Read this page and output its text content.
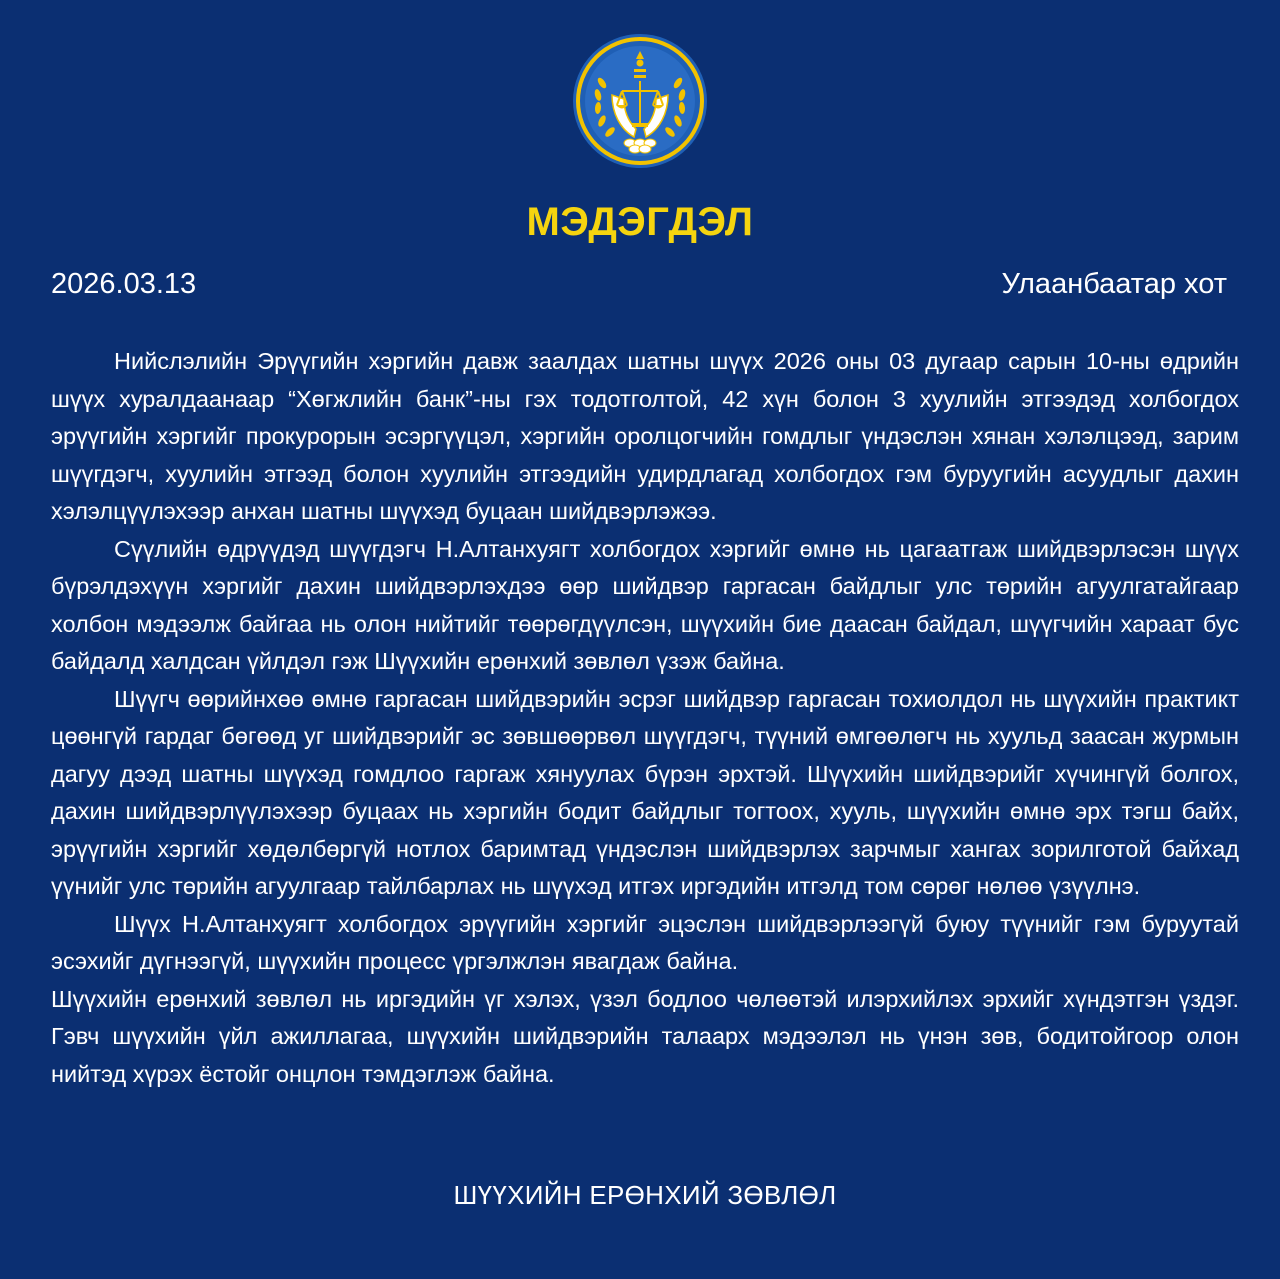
МЭДЭГДЭЛ
2026.03.13	Улаанбаатар хот

Нийслэлийн Эрүүгийн хэргийн давж заалдах шатны шүүх 2026 оны 03 дугаар сарын 10-ны өдрийн шүүх хуралдаанаар “Хөгжлийн банк”-ны гэх тодотголтой, 42 хүн болон 3 хуулийн этгээдэд холбогдох эрүүгийн хэргийг прокурорын эсэргүүцэл, хэргийн оролцогчийн гомдлыг үндэслэн хянан хэлэлцээд, зарим шүүгдэгч, хуулийн этгээд болон хуулийн этгээдийн удирдлагад холбогдох гэм буруугийн асуудлыг дахин хэлэлцүүлэхээр анхан шатны шүүхэд буцаан шийдвэрлэжээ.

Сүүлийн өдрүүдэд шүүгдэгч Н.Алтанхуягт холбогдох хэргийг өмнө нь цагаатгаж шийдвэрлэсэн шүүх бүрэлдэхүүн хэргийг дахин шийдвэрлэхдээ өөр шийдвэр гаргасан байдлыг улс төрийн агуулгатайгаар холбон мэдээлж байгаа нь олон нийтийг төөрөгдүүлсэн, шүүхийн бие даасан байдал, шүүгчийн хараат бус байдалд халдсан үйлдэл гэж Шүүхийн ерөнхий зөвлөл үзэж байна.

Шүүгч өөрийнхөө өмнө гаргасан шийдвэрийн эсрэг шийдвэр гаргасан тохиолдол нь шүүхийн практикт цөөнгүй гардаг бөгөөд уг шийдвэрийг эс зөвшөөрвөл шүүгдэгч, түүний өмгөөлөгч нь хуульд заасан журмын дагуу дээд шатны шүүхэд гомдлоо гаргаж хянуулах бүрэн эрхтэй. Шүүхийн шийдвэрийг хүчингүй болгох, дахин шийдвэрлүүлэхээр буцаах нь хэргийн бодит байдлыг тогтоох, хууль, шүүхийн өмнө эрх тэгш байх, эрүүгийн хэргийг хөдөлбөргүй нотлох баримтад үндэслэн шийдвэрлэх зарчмыг хангах зорилготой байхад үүнийг улс төрийн агуулгаар тайлбарлах нь шүүхэд итгэх иргэдийн итгэлд том сөрөг нөлөө үзүүлнэ.

Шүүх Н.Алтанхуягт холбогдох эрүүгийн хэргийг эцэслэн шийдвэрлээгүй буюу түүнийг гэм буруутай эсэхийг дүгнээгүй, шүүхийн процесс үргэлжлэн явагдаж байна.

Шүүхийн ерөнхий зөвлөл нь иргэдийн үг хэлэх, үзэл бодлоо чөлөөтэй илэрхийлэх эрхийг хүндэтгэн үздэг. Гэвч шүүхийн үйл ажиллагаа, шүүхийн шийдвэрийн талаарх мэдээлэл нь үнэн зөв, бодитойгоор олон нийтэд хүрэх ёстойг онцлон тэмдэглэж байна.

ШҮҮХИЙН ЕРӨНХИЙ ЗӨВЛӨЛ
